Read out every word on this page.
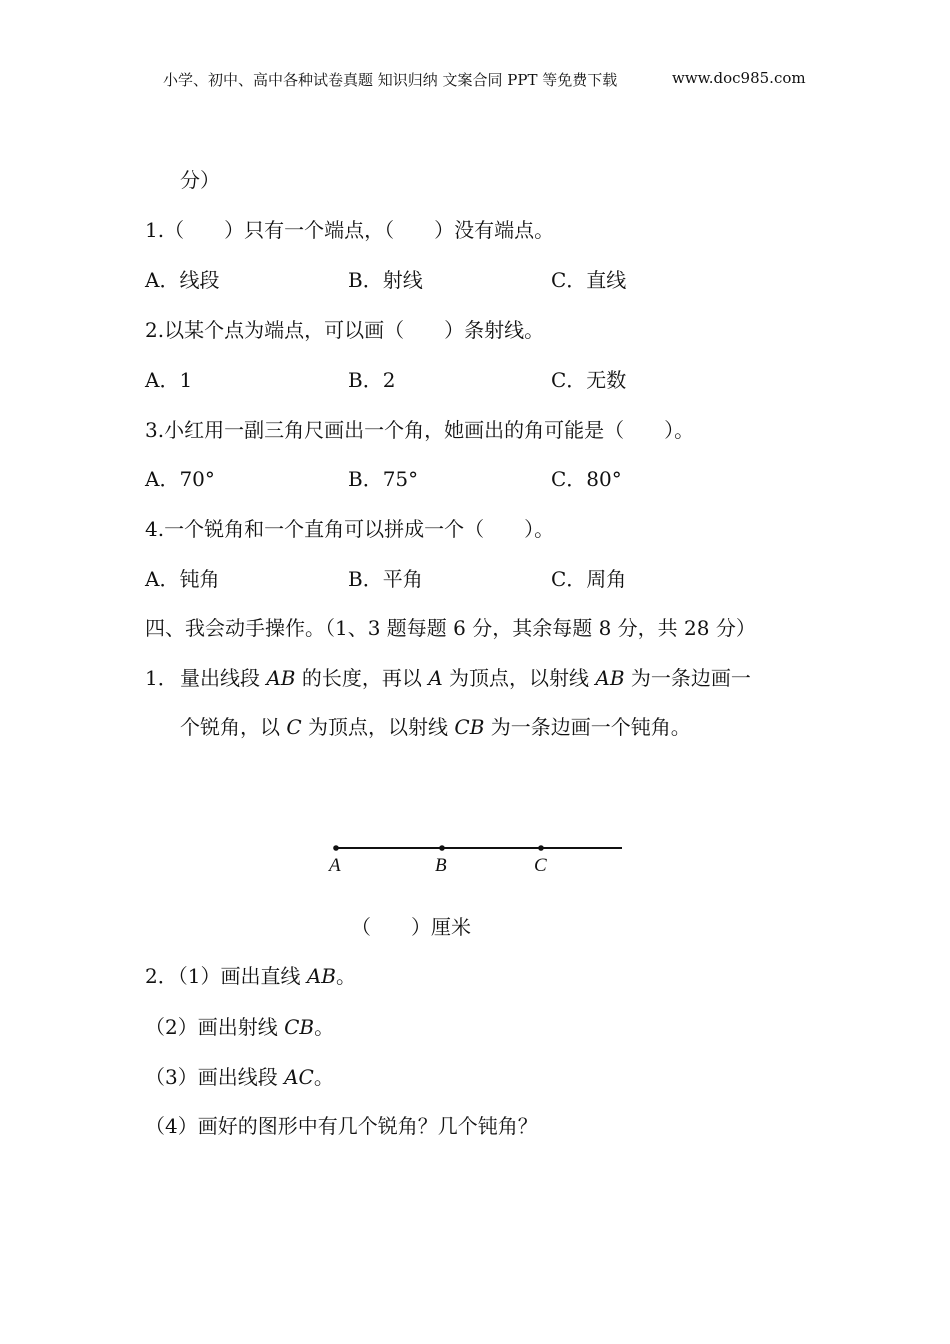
小学、初中、高中各种试卷真题 知识归纳 文案合同 PPT 等免费下载	www.doc985.com
分）
1.（　　）只有一个端点，（　　）没有端点。
A．线段	B．射线	C．直线
2.以某个点为端点，可以画（　　）条射线。
A．1	B．2	C．无数
3.小红用一副三角尺画出一个角，她画出的角可能是（　　）。
A．70°	B．75°	C．80°
4.一个锐角和一个直角可以拼成一个（　　）。
A．钝角	B．平角	C．周角
四、我会动手操作。（1、3 题每题 6 分，其余每题 8 分，共 28 分）
1． 量出线段 AB 的长度，再以 A 为顶点，以射线 AB 为一条边画一
个锐角，以 C 为顶点，以射线 CB 为一条边画一个钝角。
A	B	C
（　　）厘米
2．（1）画出直线 AB。
（2）画出射线 CB。
（3）画出线段 AC。
（4）画好的图形中有几个锐角？几个钝角？
